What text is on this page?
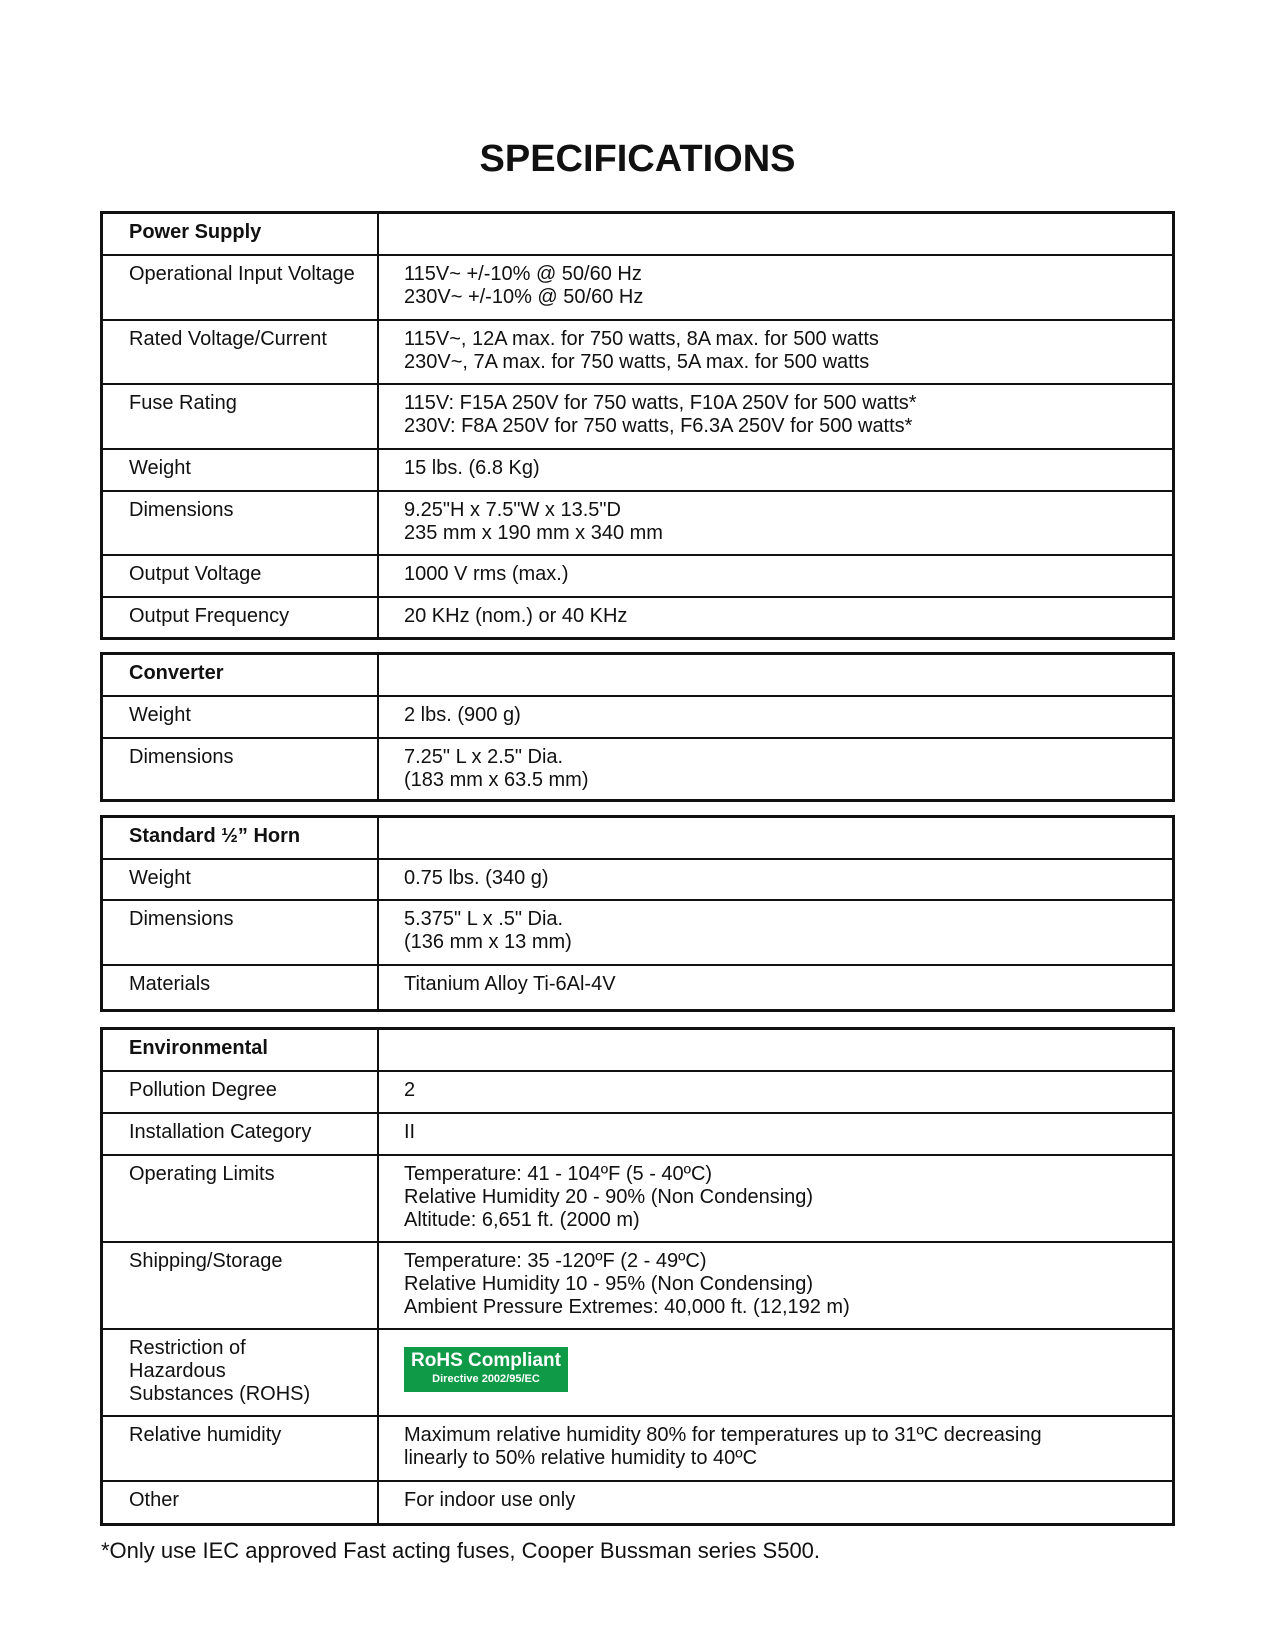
SPECIFICATIONS
Power Supply	
Operational Input Voltage	115V~ +/-10% @ 50/60 Hz
230V~ +/-10% @ 50/60 Hz

Rated Voltage/Current	115V~, 12A max. for 750 watts, 8A max. for 500 watts
230V~, 7A max. for 750 watts, 5A max. for 500 watts

Fuse Rating	115V: F15A 250V for 750 watts, F10A 250V for 500 watts*
230V: F8A 250V for 750 watts, F6.3A 250V for 500 watts*

Weight	15 lbs. (6.8 Kg)

Dimensions	9.25"H x 7.5"W x 13.5"D
235 mm x 190 mm x 340 mm

Output Voltage	1000 V rms (max.)

Output Frequency	20 KHz (nom.) or 40 KHz
Converter	
Weight	2 lbs. (900 g)

Dimensions	7.25" L x 2.5" Dia.
(183 mm x 63.5 mm)
Standard ½” Horn	
Weight	0.75 lbs. (340 g)

Dimensions	5.375" L x .5" Dia.
(136 mm x 13 mm)

Materials	Titanium Alloy Ti-6Al-4V
Environmental	
Pollution Degree	2

Installation Category	II

Operating Limits	Temperature: 41 - 104ºF (5 - 40ºC)
Relative Humidity 20 - 90% (Non Condensing)
Altitude: 6,651 ft. (2000 m)

Shipping/Storage	Temperature: 35 -120ºF (2 - 49ºC)
Relative Humidity 10 - 95% (Non Condensing)
Ambient Pressure Extremes: 40,000 ft. (12,192 m)

Restriction of
Hazardous
Substances (ROHS)	RoHS Compliant
Directive 2002/95/EC

Relative humidity	Maximum relative humidity 80% for temperatures up to 31ºC decreasing
linearly to 50% relative humidity to 40ºC

Other	For indoor use only

*Only use IEC approved Fast acting fuses, Cooper Bussman series S500.
